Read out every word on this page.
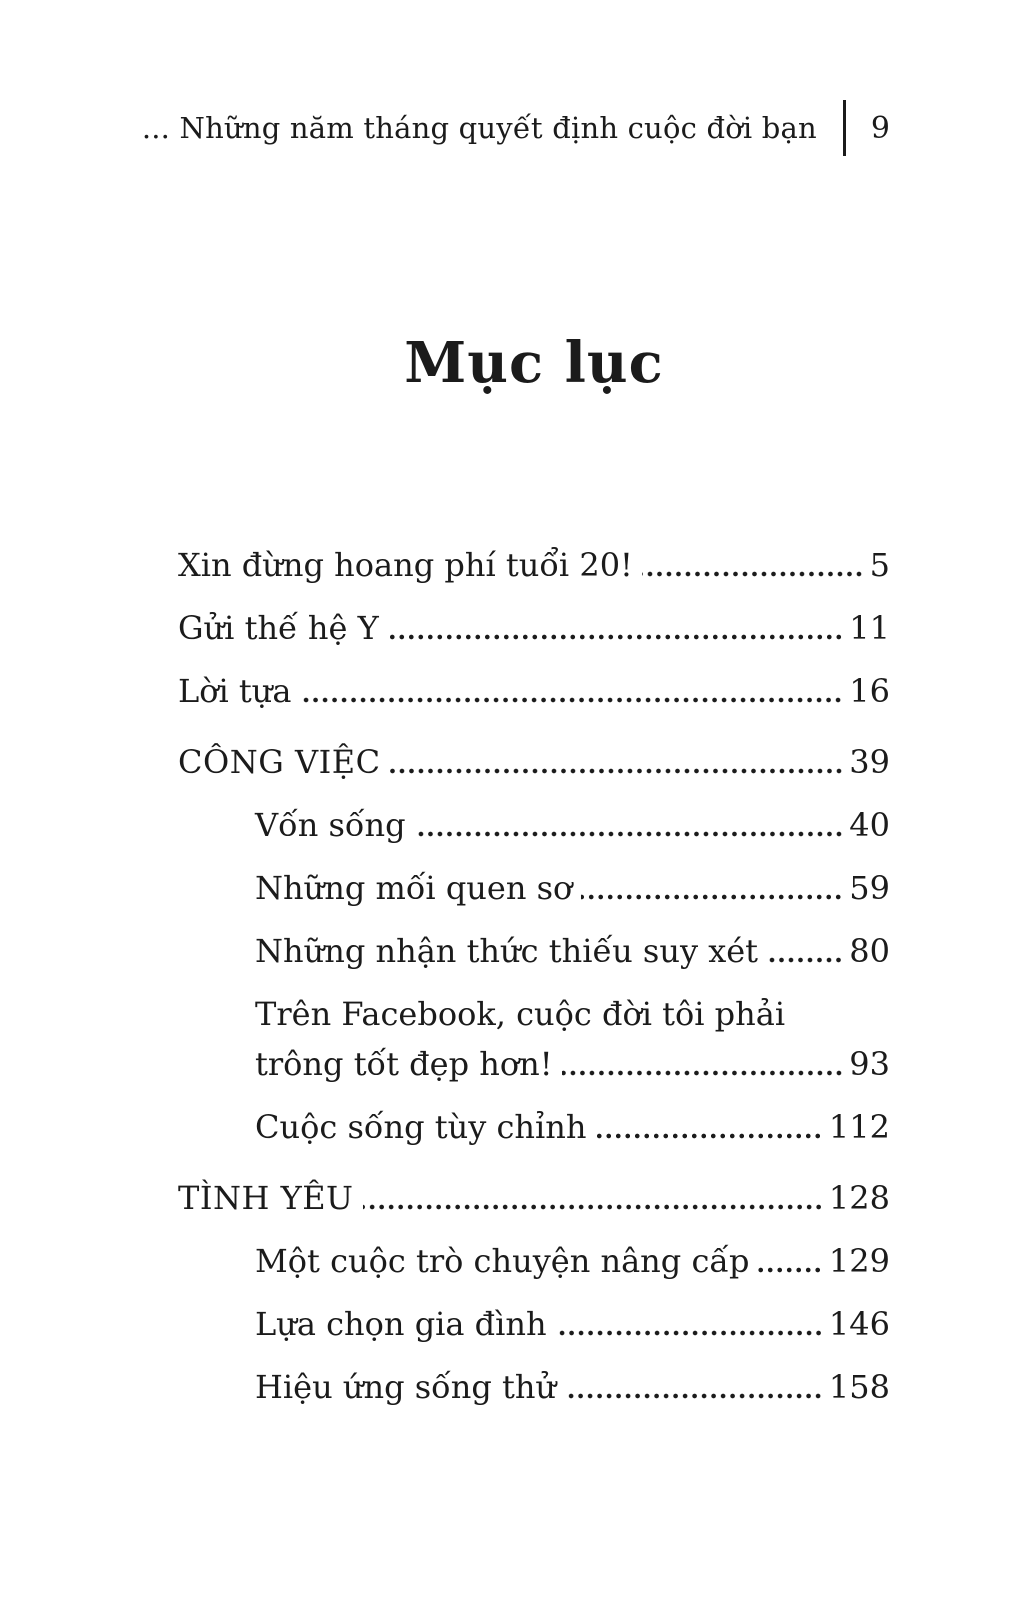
... Những năm tháng quyết định cuộc đời bạn 9
Mục lục
Xin đừng hoang phí tuổi 20!	5
Gửi thế hệ Y	11
Lời tựa	16
CÔNG VIỆC	39
Vốn sống	40
Những mối quen sơ	59
Những nhận thức thiếu suy xét	80
Trên Facebook, cuộc đời tôi phải
trông tốt đẹp hơn!	93
Cuộc sống tùy chỉnh	112
TÌNH YÊU	128
Một cuộc trò chuyện nâng cấp 129
Lựa chọn gia đình	146
Hiệu ứng sống thử	158
